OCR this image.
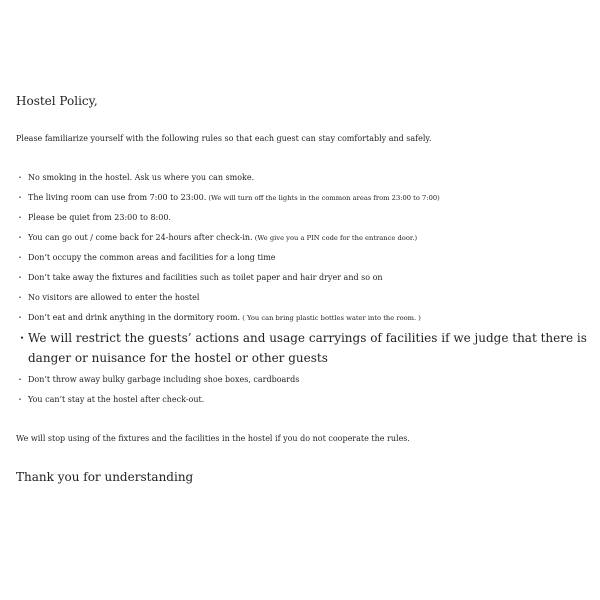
Hostel Policy,
Please familiarize yourself with the following rules so that each guest can stay comfortably and safely.
・ No smoking in the hostel. Ask us where you can smoke.
・ The living room can use from 7:00 to 23:00. (We will turn off the lights in the common areas from 23:00 to 7:00)
・ Please be quiet from 23:00 to 8:00.
・ You can go out / come back for 24-hours after check-in. (We give you a PIN code for the entrance door.)
・ Don’t occupy the common areas and facilities for a long time
・ Don’t take away the fixtures and facilities such as toilet paper and hair dryer and so on
・ No visitors are allowed to enter the hostel
・ Don’t eat and drink anything in the dormitory room. ( You can bring plastic bottles water into the room. )
・ We will restrict the guests’ actions and usage carryings of facilities if we judge that there is danger or nuisance for the hostel or other guests
・ Don’t throw away bulky garbage including shoe boxes, cardboards
・ You can’t stay at the hostel after check-out.
We will stop using of the fixtures and the facilities in the hostel if you do not cooperate the rules.
Thank you for understanding
